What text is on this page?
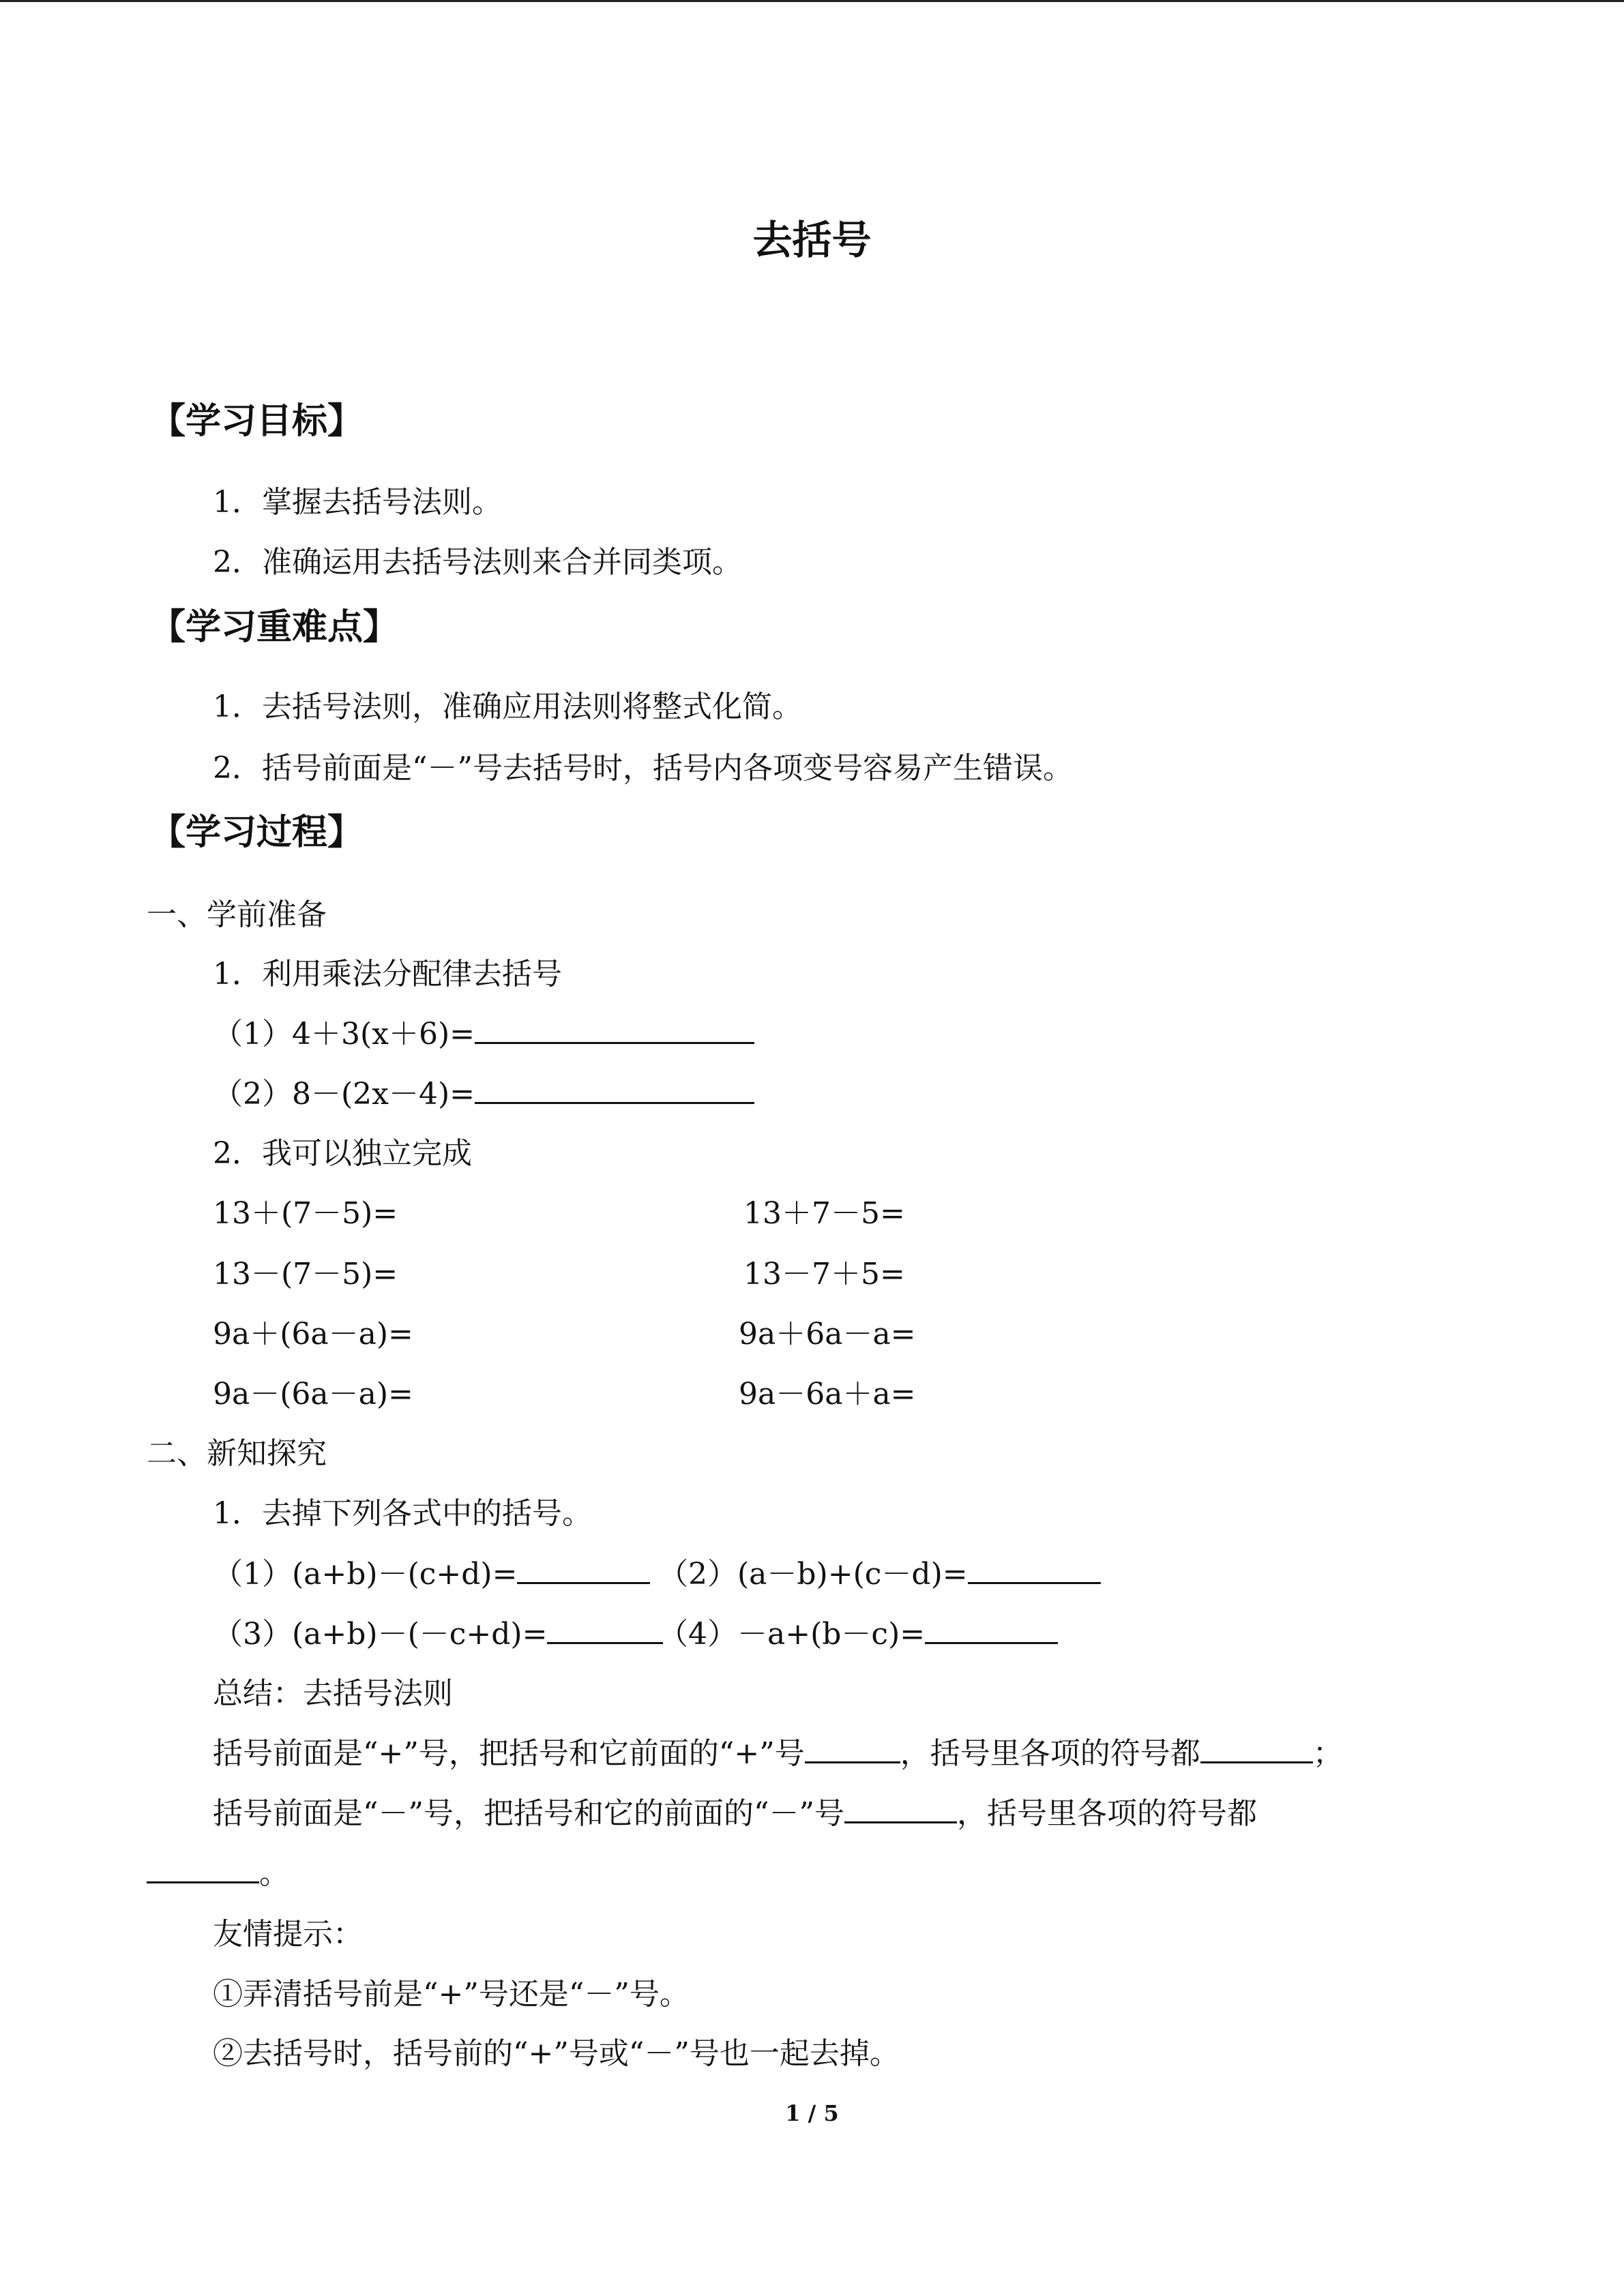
去括号
【学习目标】
1．掌握去括号法则。
2．准确运用去括号法则来合并同类项。
【学习重难点】
1．去括号法则，准确应用法则将整式化简。
2．括号前面是“－”号去括号时，括号内各项变号容易产生错误。
【学习过程】
一、学前准备
1．利用乘法分配律去括号
（1）4＋3(x＋6)=
（2）8－(2x－4)=
2．我可以独立完成
13＋(7－5)=	13＋7－5=
13－(7－5)=	13－7＋5=
9a＋(6a－a)=	9a＋6a－a=
9a－(6a－a)=	9a－6a＋a=
二、新知探究
1．去掉下列各式中的括号。
（1）(a+b)－(c+d)=	（2）(a－b)+(c－d)=
（3）(a+b)－(－c+d)=	（4）－a+(b－c)=
总结：去括号法则
括号前面是“+”号，把括号和它前面的“+”号	，括号里各项的符号都	；
括号前面是“－”号，把括号和它的前面的“－”号	，括号里各项的符号都
。
友情提示：
①弄清括号前是“+”号还是“－”号。
②去括号时，括号前的“+”号或“－”号也一起去掉。
1 / 5
